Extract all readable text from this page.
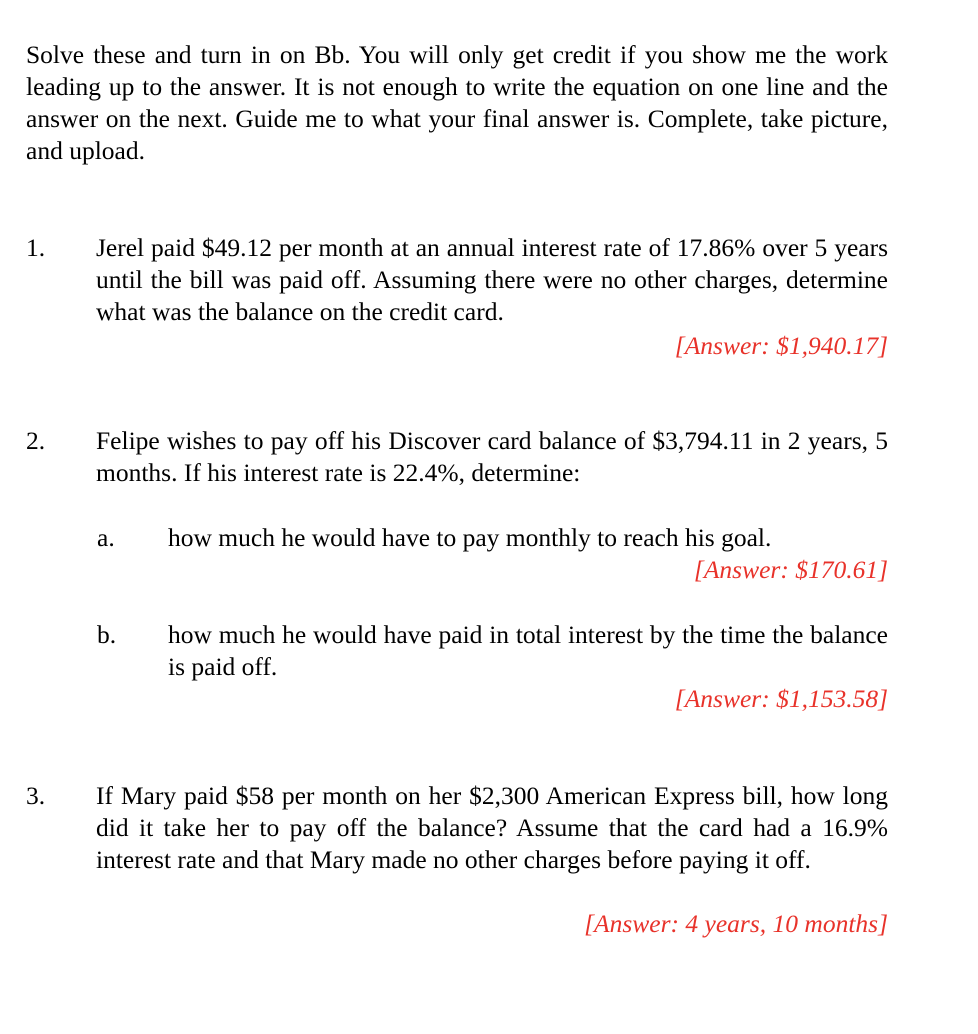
Solve these and turn in on Bb. You will only get credit if you show me the work leading up to the answer. It is not enough to write the equation on one line and the answer on the next. Guide me to what your final answer is. Complete, take picture, and upload.
1. Jerel paid $49.12 per month at an annual interest rate of 17.86% over 5 years until the bill was paid off. Assuming there were no other charges, determine what was the balance on the credit card.
[Answer: $1,940.17]
2. Felipe wishes to pay off his Discover card balance of $3,794.11 in 2 years, 5 months. If his interest rate is 22.4%, determine:
a. how much he would have to pay monthly to reach his goal.
[Answer: $170.61]
b. how much he would have paid in total interest by the time the balance is paid off.
[Answer: $1,153.58]
3. If Mary paid $58 per month on her $2,300 American Express bill, how long did it take her to pay off the balance? Assume that the card had a 16.9% interest rate and that Mary made no other charges before paying it off.
[Answer: 4 years, 10 months]
